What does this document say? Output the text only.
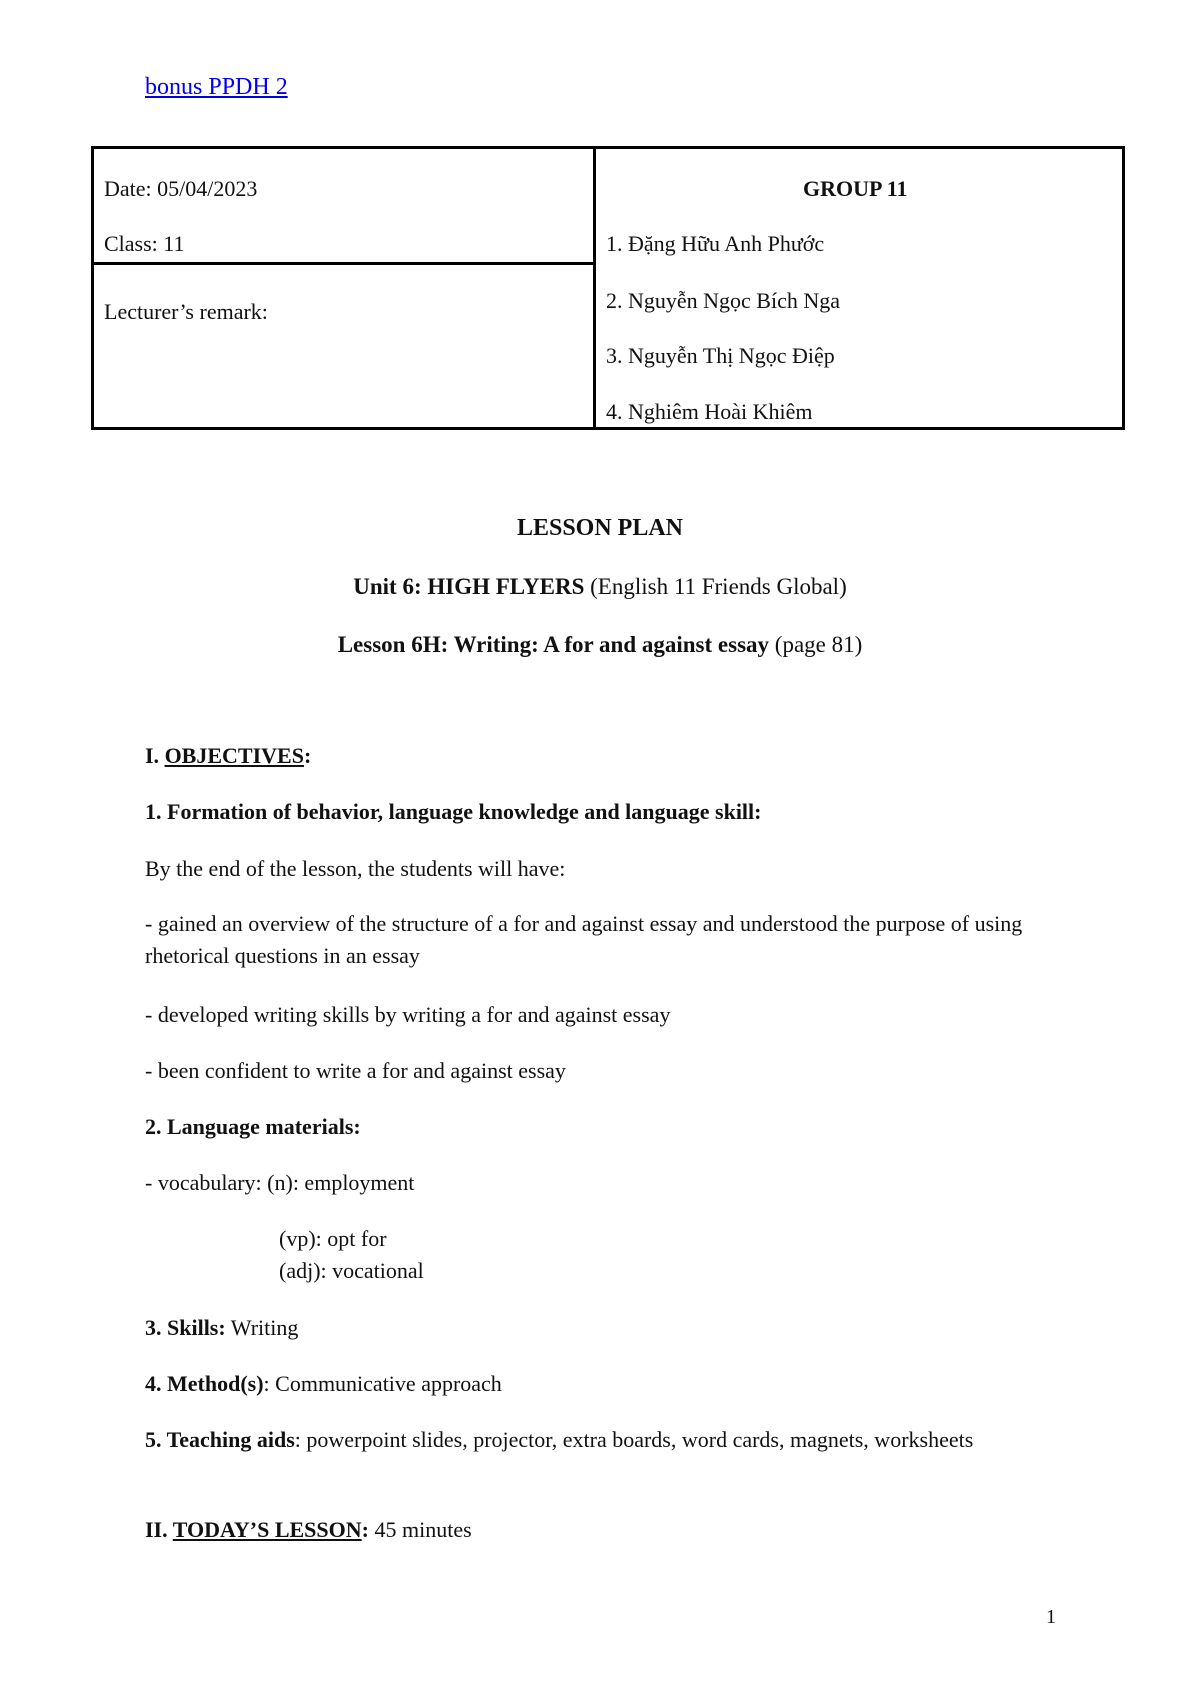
bonus PPDH 2
Date: 05/04/2023
Class: 11
Lecturer’s remark:
GROUP 11
1. Đặng Hữu Anh Phước
2. Nguyễn Ngọc Bích Nga
3. Nguyễn Thị Ngọc Điệp
4. Nghiêm Hoài Khiêm
LESSON PLAN
Unit 6: HIGH FLYERS (English 11 Friends Global)
Lesson 6H: Writing: A for and against essay (page 81)
I. OBJECTIVES:
1. Formation of behavior, language knowledge and language skill:
By the end of the lesson, the students will have:
- gained an overview of the structure of a for and against essay and understood the purpose of using rhetorical questions in an essay
- developed writing skills by writing a for and against essay
- been confident to write a for and against essay
2. Language materials:
- vocabulary: (n): employment
(vp): opt for
(adj): vocational
3. Skills: Writing
4. Method(s): Communicative approach
5. Teaching aids: powerpoint slides, projector, extra boards, word cards, magnets, worksheets
II. TODAY’S LESSON: 45 minutes
1
